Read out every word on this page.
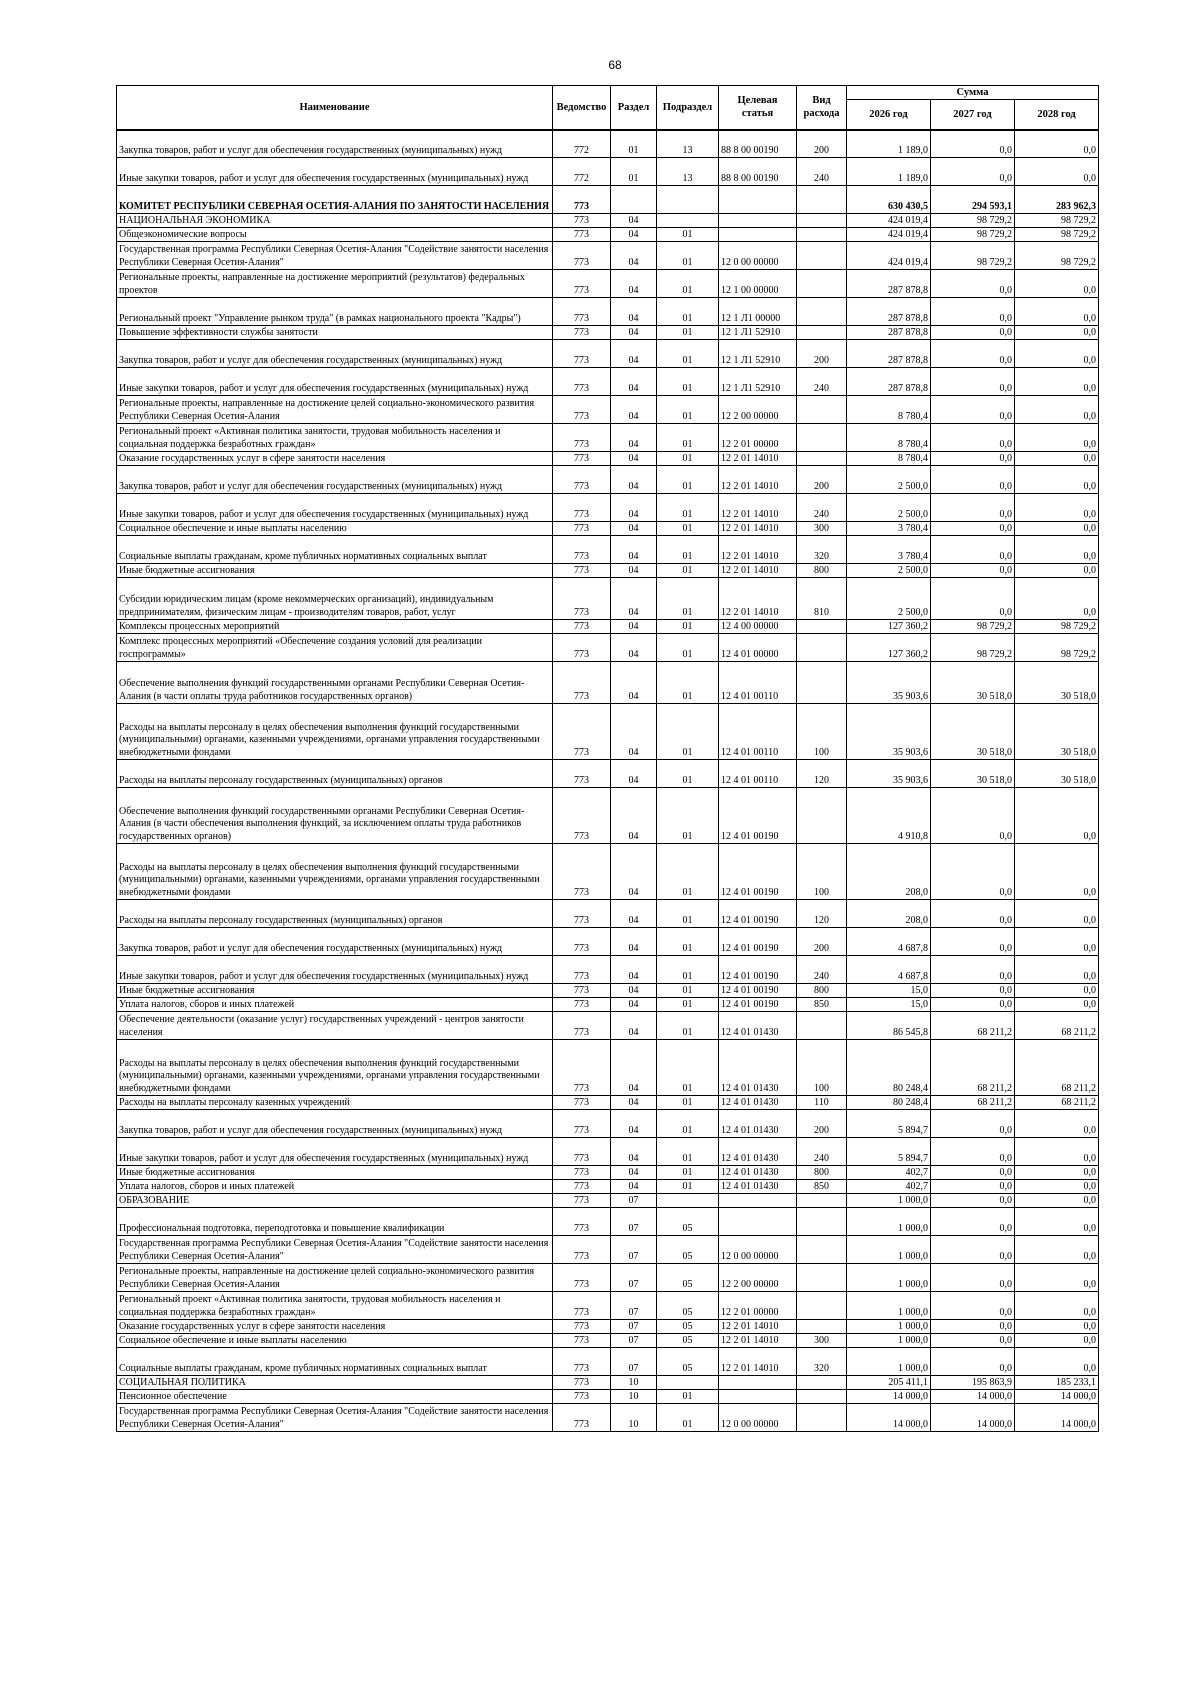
68
Наименование	Ведомство	Раздел	Подраздел	Целевая статья	Вид расхода	Сумма		
						2026 год	2027 год	2028 год
Закупка товаров, работ и услуг для обеспечения государственных (муниципальных) нужд	772	01	13	88 8 00 00190	200	1 189,0	0,0	0,0
Иные закупки товаров, работ и услуг для обеспечения государственных (муниципальных) нужд	772	01	13	88 8 00 00190	240	1 189,0	0,0	0,0
КОМИТЕТ РЕСПУБЛИКИ СЕВЕРНАЯ ОСЕТИЯ-АЛАНИЯ ПО ЗАНЯТОСТИ НАСЕЛЕНИЯ	773					630 430,5	294 593,1	283 962,3
НАЦИОНАЛЬНАЯ ЭКОНОМИКА	773	04				424 019,4	98 729,2	98 729,2
Общеэкономические вопросы	773	04	01			424 019,4	98 729,2	98 729,2
Государственная программа Республики Северная Осетия-Алания "Содействие занятости населения Республики Северная Осетия-Алания"	773	04	01	12 0 00 00000		424 019,4	98 729,2	98 729,2
Региональные проекты, направленные на достижение мероприятий (результатов) федеральных проектов	773	04	01	12 1 00 00000		287 878,8	0,0	0,0
Региональный проект "Управление рынком труда" (в рамках национального проекта "Кадры")	773	04	01	12 1 Л1 00000		287 878,8	0,0	0,0
Повышение эффективности службы занятости	773	04	01	12 1 Л1 52910		287 878,8	0,0	0,0
Закупка товаров, работ и услуг для обеспечения государственных (муниципальных) нужд	773	04	01	12 1 Л1 52910	200	287 878,8	0,0	0,0
Иные закупки товаров, работ и услуг для обеспечения государственных (муниципальных) нужд	773	04	01	12 1 Л1 52910	240	287 878,8	0,0	0,0
Региональные проекты, направленные на достижение целей социально-экономического развития Республики Северная Осетия-Алания	773	04	01	12 2 00 00000		8 780,4	0,0	0,0
Региональный проект «Активная политика занятости, трудовая мобильность населения и социальная поддержка безработных граждан»	773	04	01	12 2 01 00000		8 780,4	0,0	0,0
Оказание государственных услуг в сфере занятости населения	773	04	01	12 2 01 14010		8 780,4	0,0	0,0
Закупка товаров, работ и услуг для обеспечения государственных (муниципальных) нужд	773	04	01	12 2 01 14010	200	2 500,0	0,0	0,0
Иные закупки товаров, работ и услуг для обеспечения государственных (муниципальных) нужд	773	04	01	12 2 01 14010	240	2 500,0	0,0	0,0
Социальное обеспечение и иные выплаты населению	773	04	01	12 2 01 14010	300	3 780,4	0,0	0,0
Социальные выплаты гражданам, кроме публичных нормативных социальных выплат	773	04	01	12 2 01 14010	320	3 780,4	0,0	0,0
Иные бюджетные ассигнования	773	04	01	12 2 01 14010	800	2 500,0	0,0	0,0
Субсидии юридическим лицам (кроме некоммерческих организаций), индивидуальным предпринимателям, физическим лицам - производителям товаров, работ, услуг	773	04	01	12 2 01 14010	810	2 500,0	0,0	0,0
Комплексы процессных мероприятий	773	04	01	12 4 00 00000		127 360,2	98 729,2	98 729,2
Комплекс процессных мероприятий «Обеспечение создания условий для реализации госпрограммы»	773	04	01	12 4 01 00000		127 360,2	98 729,2	98 729,2
Обеспечение выполнения функций государственными органами Республики Северная Осетия-Алания (в части оплаты труда работников государственных органов)	773	04	01	12 4 01 00110		35 903,6	30 518,0	30 518,0
Расходы на выплаты персоналу в целях обеспечения выполнения функций государственными (муниципальными) органами, казенными учреждениями, органами управления государственными внебюджетными фондами	773	04	01	12 4 01 00110	100	35 903,6	30 518,0	30 518,0
Расходы на выплаты персоналу государственных (муниципальных) органов	773	04	01	12 4 01 00110	120	35 903,6	30 518,0	30 518,0
Обеспечение выполнения функций государственными органами Республики Северная Осетия-Алания (в части обеспечения выполнения функций, за исключением оплаты труда работников государственных органов)	773	04	01	12 4 01 00190		4 910,8	0,0	0,0
Расходы на выплаты персоналу в целях обеспечения выполнения функций государственными (муниципальными) органами, казенными учреждениями, органами управления государственными внебюджетными фондами	773	04	01	12 4 01 00190	100	208,0	0,0	0,0
Расходы на выплаты персоналу государственных (муниципальных) органов	773	04	01	12 4 01 00190	120	208,0	0,0	0,0
Закупка товаров, работ и услуг для обеспечения государственных (муниципальных) нужд	773	04	01	12 4 01 00190	200	4 687,8	0,0	0,0
Иные закупки товаров, работ и услуг для обеспечения государственных (муниципальных) нужд	773	04	01	12 4 01 00190	240	4 687,8	0,0	0,0
Иные бюджетные ассигнования	773	04	01	12 4 01 00190	800	15,0	0,0	0,0
Уплата налогов, сборов и иных платежей	773	04	01	12 4 01 00190	850	15,0	0,0	0,0
Обеспечение деятельности (оказание услуг) государственных учреждений - центров занятости населения	773	04	01	12 4 01 01430		86 545,8	68 211,2	68 211,2
Расходы на выплаты персоналу в целях обеспечения выполнения функций государственными (муниципальными) органами, казенными учреждениями, органами управления государственными внебюджетными фондами	773	04	01	12 4 01 01430	100	80 248,4	68 211,2	68 211,2
Расходы на выплаты персоналу казенных учреждений	773	04	01	12 4 01 01430	110	80 248,4	68 211,2	68 211,2
Закупка товаров, работ и услуг для обеспечения государственных (муниципальных) нужд	773	04	01	12 4 01 01430	200	5 894,7	0,0	0,0
Иные закупки товаров, работ и услуг для обеспечения государственных (муниципальных) нужд	773	04	01	12 4 01 01430	240	5 894,7	0,0	0,0
Иные бюджетные ассигнования	773	04	01	12 4 01 01430	800	402,7	0,0	0,0
Уплата налогов, сборов и иных платежей	773	04	01	12 4 01 01430	850	402,7	0,0	0,0
ОБРАЗОВАНИЕ	773	07				1 000,0	0,0	0,0
Профессиональная подготовка, переподготовка и повышение квалификации	773	07	05			1 000,0	0,0	0,0
Государственная программа Республики Северная Осетия-Алания "Содействие занятости населения Республики Северная Осетия-Алания"	773	07	05	12 0 00 00000		1 000,0	0,0	0,0
Региональные проекты, направленные на достижение целей социально-экономического развития Республики Северная Осетия-Алания	773	07	05	12 2 00 00000		1 000,0	0,0	0,0
Региональный проект «Активная политика занятости, трудовая мобильность населения и социальная поддержка безработных граждан»	773	07	05	12 2 01 00000		1 000,0	0,0	0,0
Оказание государственных услуг в сфере занятости населения	773	07	05	12 2 01 14010		1 000,0	0,0	0,0
Социальное обеспечение и иные выплаты населению	773	07	05	12 2 01 14010	300	1 000,0	0,0	0,0
Социальные выплаты гражданам, кроме публичных нормативных социальных выплат	773	07	05	12 2 01 14010	320	1 000,0	0,0	0,0
СОЦИАЛЬНАЯ ПОЛИТИКА	773	10				205 411,1	195 863,9	185 233,1
Пенсионное обеспечение	773	10	01			14 000,0	14 000,0	14 000,0
Государственная программа Республики Северная Осетия-Алания "Содействие занятости населения Республики Северная Осетия-Алания"	773	10	01	12 0 00 00000		14 000,0	14 000,0	14 000,0
